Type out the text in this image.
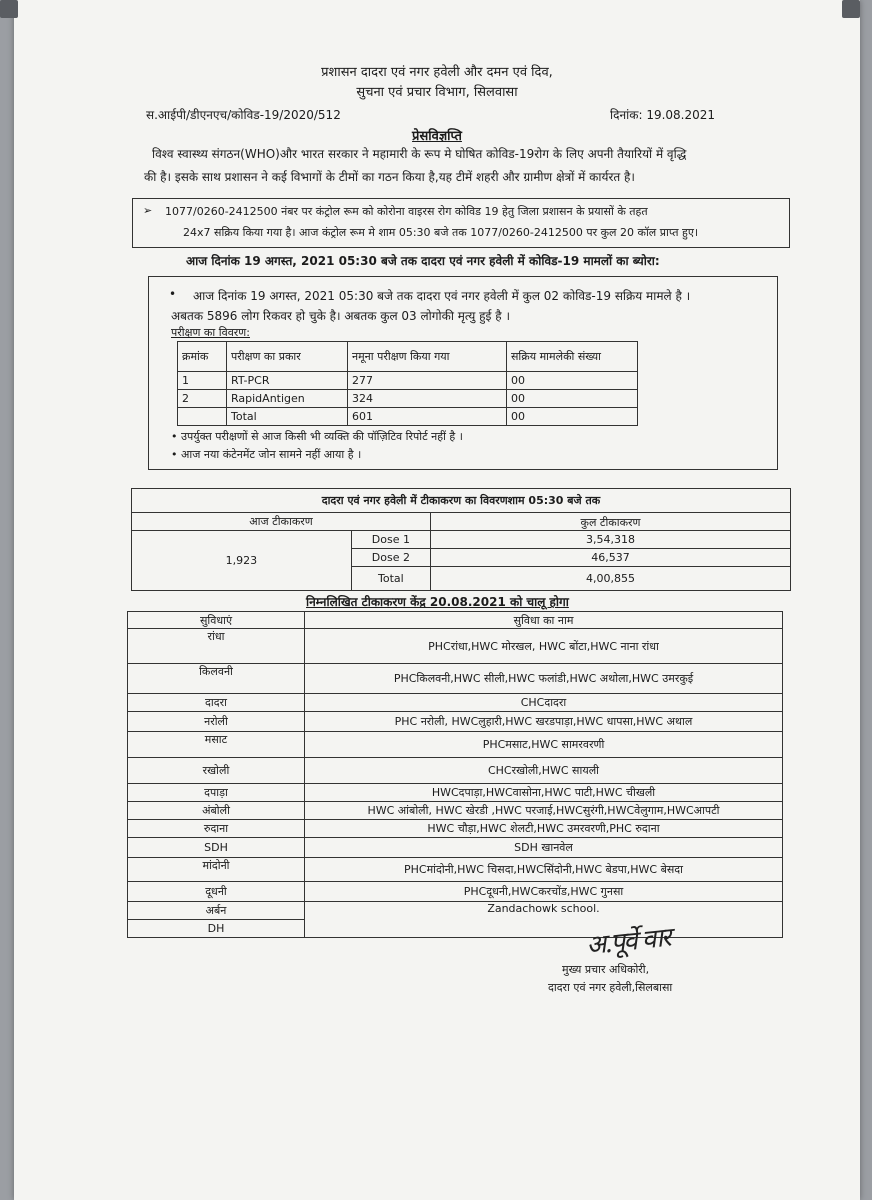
प्रशासन दादरा एवं नगर हवेली और दमन एवं दिव,
सुचना एवं प्रचार विभाग, सिलवासा
स.आईपी/डीएनएच/कोविड-19/2020/512	दिनांक: 19.08.2021
प्रेसविज्ञप्ति
विश्व स्वास्थ्य संगठन(WHO)और भारत सरकार ने महामारी के रूप मे घोषित कोविड-19रोग के लिए अपनी तैयारियों में वृद्धि
की है। इसके साथ प्रशासन ने कई विभागों के टीमों का गठन किया है,यह टीमें शहरी और ग्रामीण क्षेत्रों में कार्यरत है।
➢ 1077/0260-2412500 नंबर पर कंट्रोल रूम को कोरोना वाइरस रोग कोविड 19 हेतु जिला प्रशासन के प्रयासों के तहत
24x7 सक्रिय किया गया है। आज कंट्रोल रूम मे शाम 05:30 बजे तक 1077/0260-2412500 पर कुल 20 कॉल प्राप्त हुए।
आज दिनांक 19 अगस्त, 2021 05:30 बजे तक दादरा एवं नगर हवेली में कोविड-19 मामलों का ब्योरा:
• आज दिनांक 19 अगस्त, 2021 05:30 बजे तक दादरा एवं नगर हवेली में कुल 02 कोविड-19 सक्रिय मामले है ।
अबतक 5896 लोग रिकवर हो चुके है। अबतक कुल 03 लोगोकी मृत्यु हुई है ।
परीक्षण का विवरण:
क्रमांक	परीक्षण का प्रकार	नमूना परीक्षण किया गया	सक्रिय मामलेकी संख्या
1	RT-PCR	277	00
2	RapidAntigen	324	00
	Total	601	00
• उपर्युक्त परीक्षणों से आज किसी भी व्यक्ति की पॉज़िटिव रिपोर्ट नहीं है ।
• आज नया कंटेनमेंट जोन सामने नहीं आया है ।
दादरा एवं नगर हवेली में टीकाकरण का विवरणशाम 05:30 बजे तक		
आज टीकाकरण		कुल टीकाकरण
1,923	
	Dose 1	3,54,318
	Dose 2	46,537
	Total	4,00,855
निम्नलिखित टीकाकरण केंद्र 20.08.2021 को चालू होगा
सुविधाएं	सुविधा का नाम
रांधा	PHCरांधा,HWC मोरखल, HWC बोंटा,HWC नाना रांधा
किलवनी	PHCकिलवनी,HWC सीली,HWC फलांडी,HWC अथोला,HWC उमरकुई
दादरा	CHCदादरा
नरोली	PHC नरोली, HWCलुहारी,HWC खरडपाड़ा,HWC धापसा,HWC अथाल
मसाट	PHCमसाट,HWC सामरवरणी
रखोली	CHCरखोली,HWC सायली
दपाड़ा	HWCदपाड़ा,HWCवासोना,HWC पाटी,HWC चीखली
अंबोली	HWC आंबोली, HWC खेरडी ,HWC परजाई,HWCसुरंगी,HWCवेलुगाम,HWCआपटी
रुदाना	HWC चौड़ा,HWC शेलटी,HWC उमरवरणी,PHC रुदाना
SDH	SDH खानवेल
मांदोनी	PHCमांदोनी,HWC चिसदा,HWCसिंदोनी,HWC बेडपा,HWC बेसदा
दूधनी	PHCदूधनी,HWCकरचोंड,HWC गुनसा
अर्बन	Zandachowk school.
DH		अ.पूर्वे वार
मुख्य प्रचार अधिकोरी,
दादरा एवं नगर हवेली,सिलबासा
